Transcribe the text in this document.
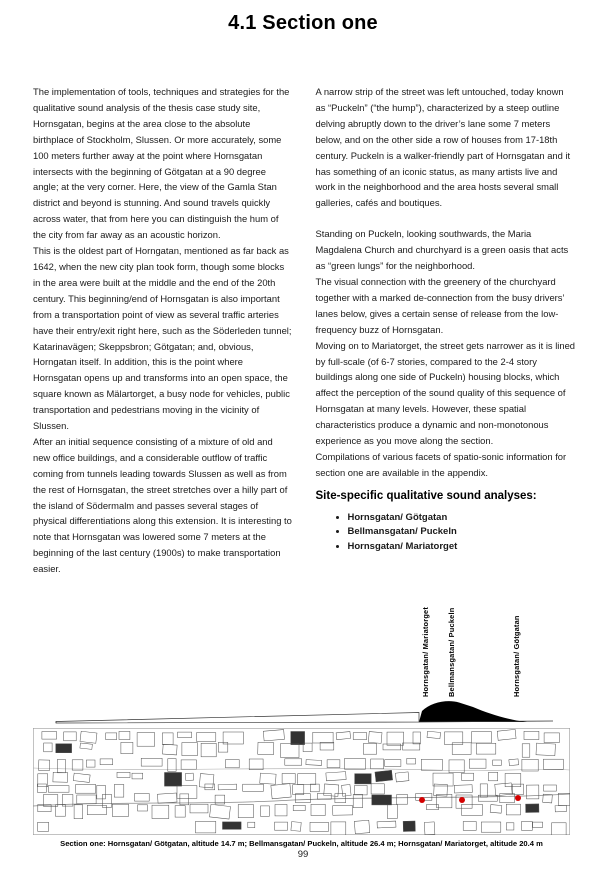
4.1 Section one

The implementation of tools, techniques and strategies for the qualitative sound analysis of the thesis case study site, Hornsgatan, begins at the area close to the absolute birthplace of Stockholm, Slussen. Or more accurately, some 100 meters further away at the point where Hornsgatan intersects with the beginning of Götgatan at a 90 degree angle; at the very corner. Here, the view of the Gamla Stan district and beyond is stunning. And sound travels quickly across water, that from here you can distinguish the hum of the city from far away as an acoustic horizon.

This is the oldest part of Horngatan, mentioned as far back as 1642, when the new city plan took form, though some blocks in the area were built at the middle and the end of the 20th century. This beginning/end of Hornsgatan is also important from a transportation point of view as several traffic arteries have their entry/exit right here, such as the Söderleden tunnel; Katarinavägen; Skeppsbron; Götgatan; and, obvious, Horngatan itself. In addition, this is the point where Hornsgatan opens up and transforms into an open space, the square known as Mälartorget, a busy node for vehicles, public transportation and pedestrians moving in the vicinity of Slussen.

After an initial sequence consisting of a mixture of old and new office buildings, and a considerable outflow of traffic coming from tunnels leading towards Slussen as well as from the rest of Hornsgatan, the street stretches over a hilly part of the island of Södermalm and passes several stages of physical differentiations along this extension. It is interesting to note that Hornsgatan was lowered some 7 meters at the beginning of the last century (1900s) to make transportation easier.

A narrow strip of the street was left untouched, today known as “Puckeln” (“the hump”), characterized by a steep outline delving abruptly down to the driver’s lane some 7 meters below, and on the other side a row of houses from 17-18th century. Puckeln is a walker-friendly part of Hornsgatan and it has something of an iconic status, as many artists live and work in the neighborhood and the area hosts several small galleries, cafés and boutiques.

Standing on Puckeln, looking southwards, the Maria Magdalena Church and churchyard is a green oasis that acts as “green lungs” for the neighborhood.

The visual connection with the greenery of the churchyard together with a marked de-connection from the busy drivers’ lanes below, gives a certain sense of release from the low-frequency buzz of Hornsgatan.

Moving on to Mariatorget, the street gets narrower as it is lined by full-scale (of 6-7 stories, compared to the 2-4 story buildings along one side of Puckeln) housing blocks, which affect the perception of the sound quality of this sequence of Hornsgatan at many levels. However, these spatial characteristics produce a dynamic and non-monotonous experience as you move along the section.

Compilations of various facets of spatio-sonic information for section one are available in the appendix.

Site-specific qualitative sound analyses:
• Hornsgatan/ Götgatan
• Bellmansgatan/ Puckeln
• Hornsgatan/ Mariatorget
Hornsgatan/ Mariatorget Bellmansgatan/ Puckeln	Hornsgatan/ Götgatan
Section one: Hornsgatan/ Götgatan, altitude 14.7 m; Bellmansgatan/ Puckeln, altitude 26.4 m; Hornsgatan/ Mariatorget, altitude 20.4 m
99
